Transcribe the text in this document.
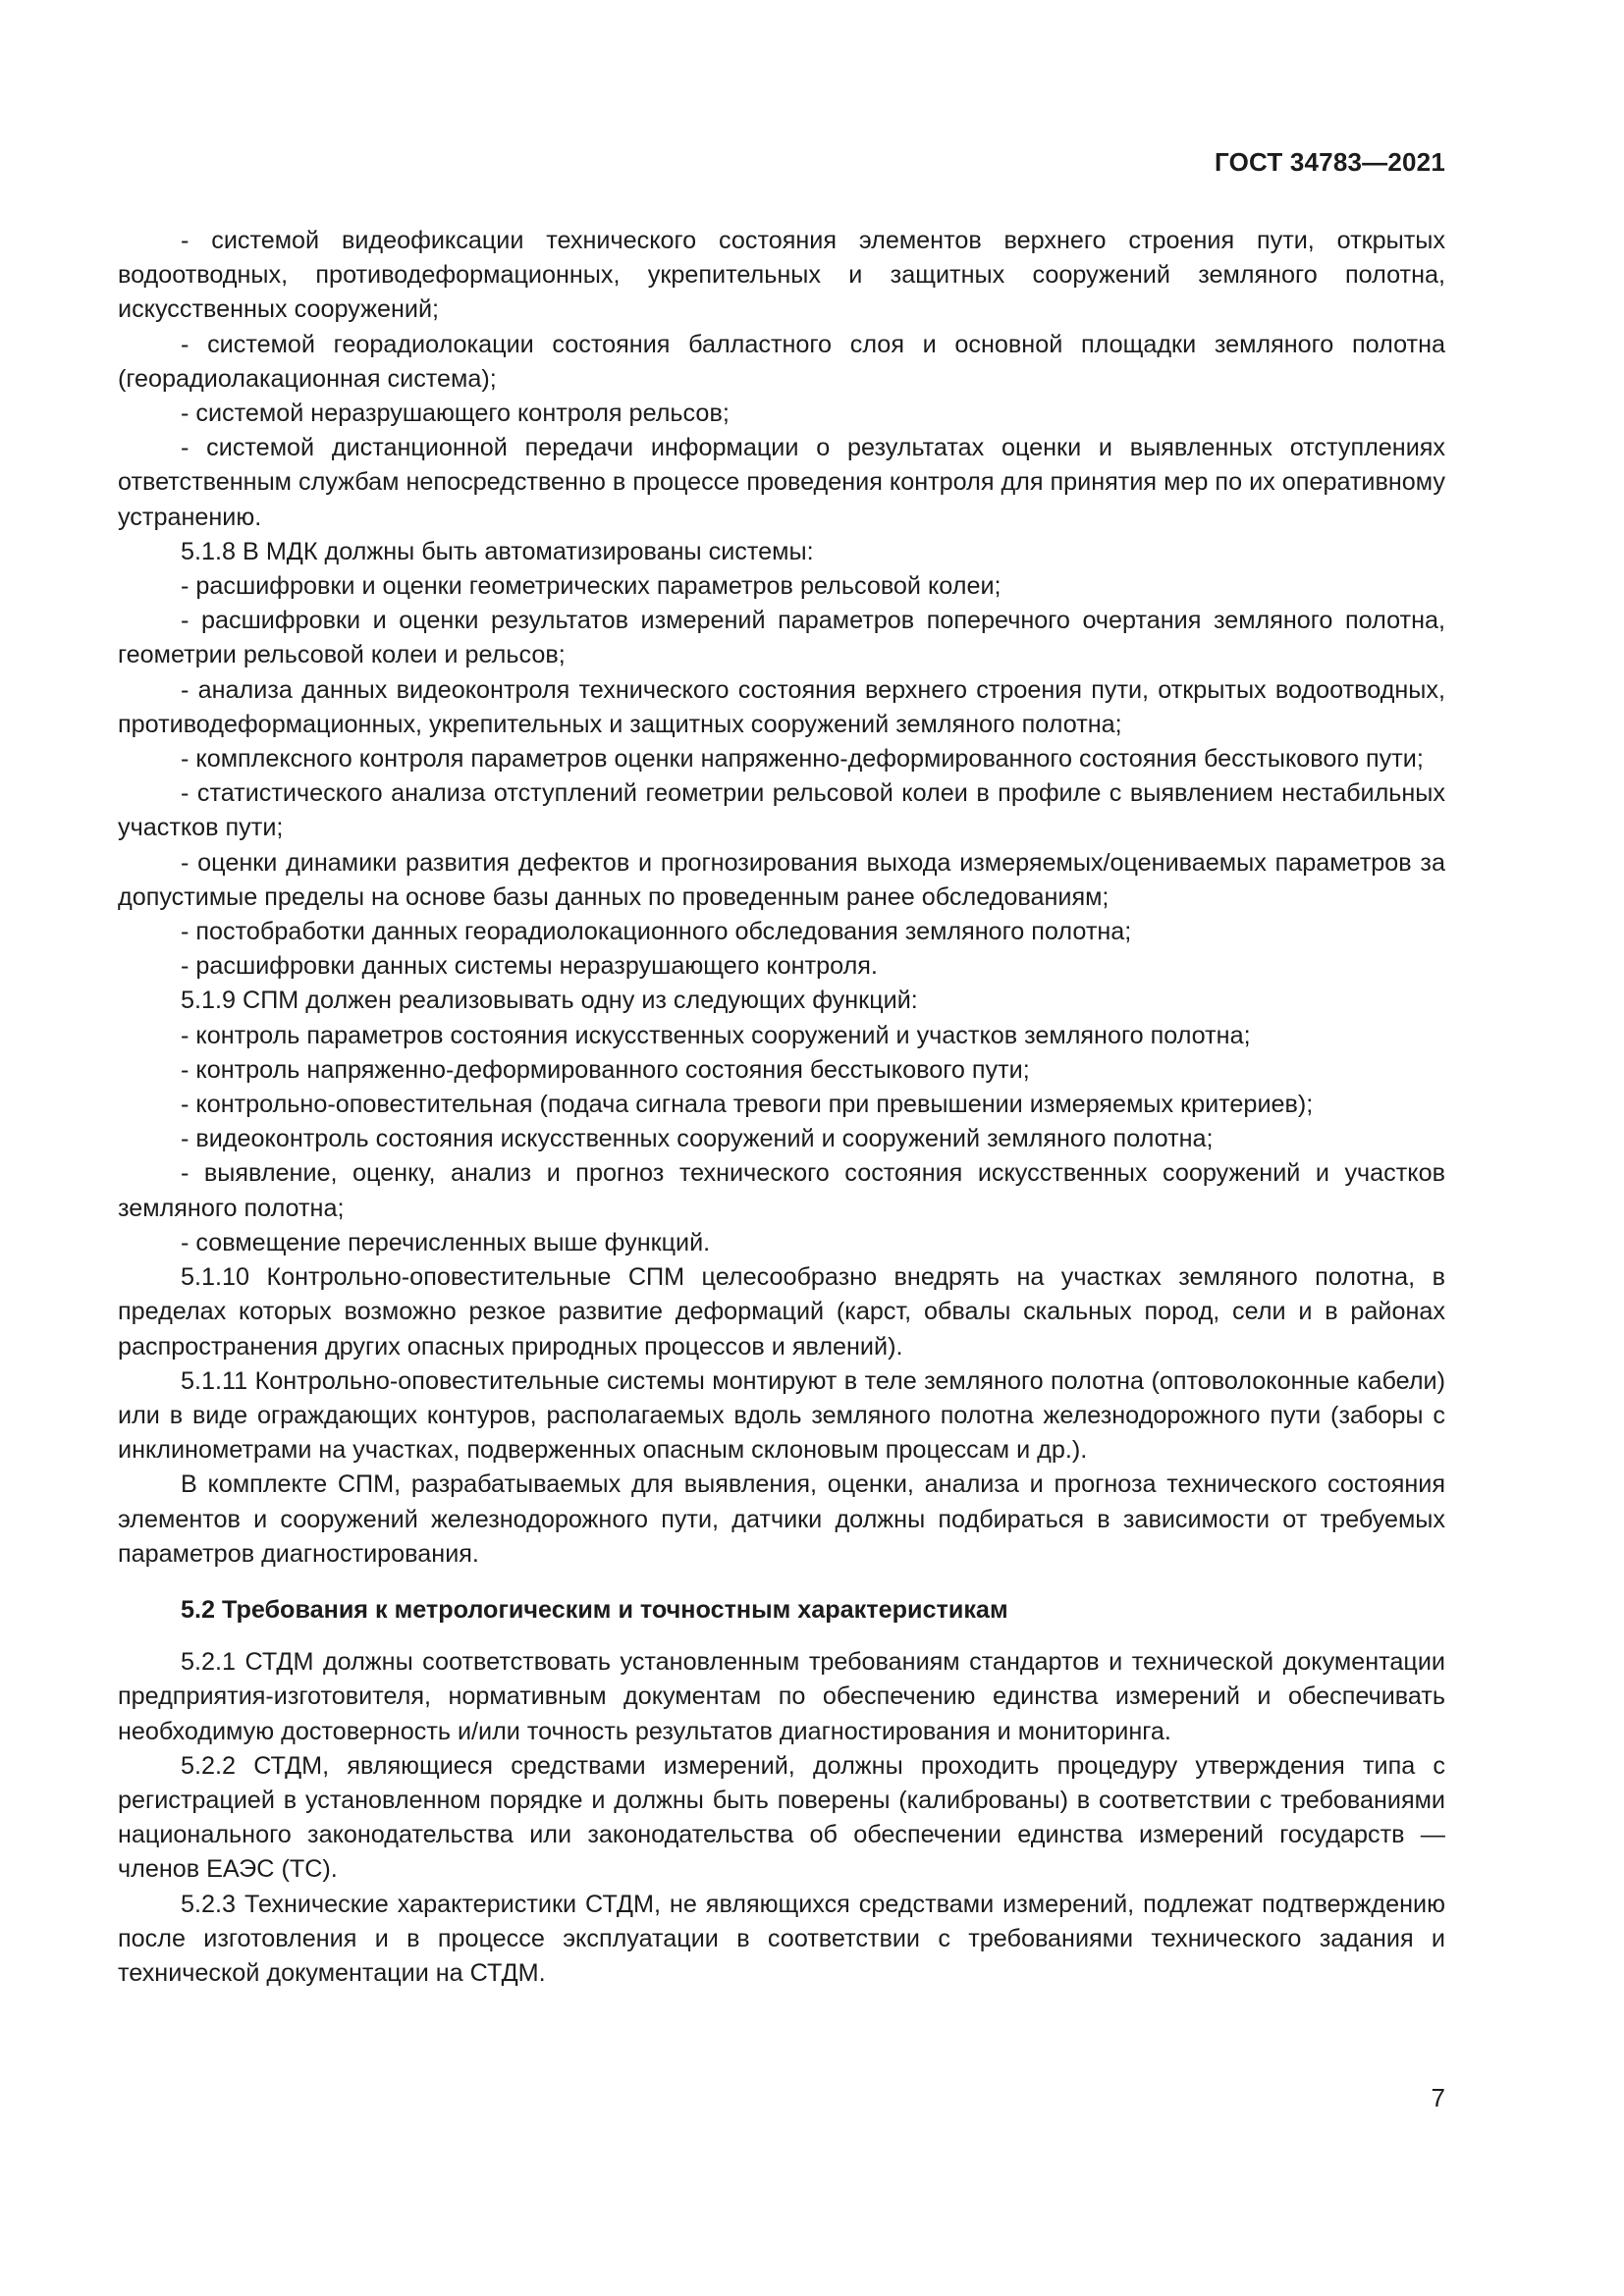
ГОСТ 34783—2021

- системой видеофиксации технического состояния элементов верхнего строения пути, открытых водоотводных, противодеформационных, укрепительных и защитных сооружений земляного полотна, искусственных сооружений;

- системой георадиолокации состояния балластного слоя и основной площадки земляного полотна (георадиолакационная система);

- системой неразрушающего контроля рельсов;

- системой дистанционной передачи информации о результатах оценки и выявленных отступлениях ответственным службам непосредственно в процессе проведения контроля для принятия мер по их оперативному устранению.

5.1.8 В МДК должны быть автоматизированы системы:

- расшифровки и оценки геометрических параметров рельсовой колеи;

- расшифровки и оценки результатов измерений параметров поперечного очертания земляного полотна, геометрии рельсовой колеи и рельсов;

- анализа данных видеоконтроля технического состояния верхнего строения пути, открытых водоотводных, противодеформационных, укрепительных и защитных сооружений земляного полотна;

- комплексного контроля параметров оценки напряженно-деформированного состояния бесстыкового пути;

- статистического анализа отступлений геометрии рельсовой колеи в профиле с выявлением нестабильных участков пути;

- оценки динамики развития дефектов и прогнозирования выхода измеряемых/оцениваемых параметров за допустимые пределы на основе базы данных по проведенным ранее обследованиям;

- постобработки данных георадиолокационного обследования земляного полотна;

- расшифровки данных системы неразрушающего контроля.

5.1.9 СПМ должен реализовывать одну из следующих функций:

- контроль параметров состояния искусственных сооружений и участков земляного полотна;

- контроль напряженно-деформированного состояния бесстыкового пути;

- контрольно-оповестительная (подача сигнала тревоги при превышении измеряемых критериев);

- видеоконтроль состояния искусственных сооружений и сооружений земляного полотна;

- выявление, оценку, анализ и прогноз технического состояния искусственных сооружений и участков земляного полотна;

- совмещение перечисленных выше функций.

5.1.10 Контрольно-оповестительные СПМ целесообразно внедрять на участках земляного полотна, в пределах которых возможно резкое развитие деформаций (карст, обвалы скальных пород, сели и в районах распространения других опасных природных процессов и явлений).

5.1.11 Контрольно-оповестительные системы монтируют в теле земляного полотна (оптоволоконные кабели) или в виде ограждающих контуров, располагаемых вдоль земляного полотна железнодорожного пути (заборы с инклинометрами на участках, подверженных опасным склоновым процессам и др.).

В комплекте СПМ, разрабатываемых для выявления, оценки, анализа и прогноза технического состояния элементов и сооружений железнодорожного пути, датчики должны подбираться в зависимости от требуемых параметров диагностирования.

5.2 Требования к метрологическим и точностным характеристикам

5.2.1 СТДМ должны соответствовать установленным требованиям стандартов и технической документации предприятия-изготовителя, нормативным документам по обеспечению единства измерений и обеспечивать необходимую достоверность и/или точность результатов диагностирования и мониторинга.

5.2.2 СТДМ, являющиеся средствами измерений, должны проходить процедуру утверждения типа с регистрацией в установленном порядке и должны быть поверены (калиброваны) в соответствии с требованиями национального законодательства или законодательства об обеспечении единства измерений государств — членов ЕАЭС (ТС).

5.2.3 Технические характеристики СТДМ, не являющихся средствами измерений, подлежат подтверждению после изготовления и в процессе эксплуатации в соответствии с требованиями технического задания и технической документации на СТДМ.

7
